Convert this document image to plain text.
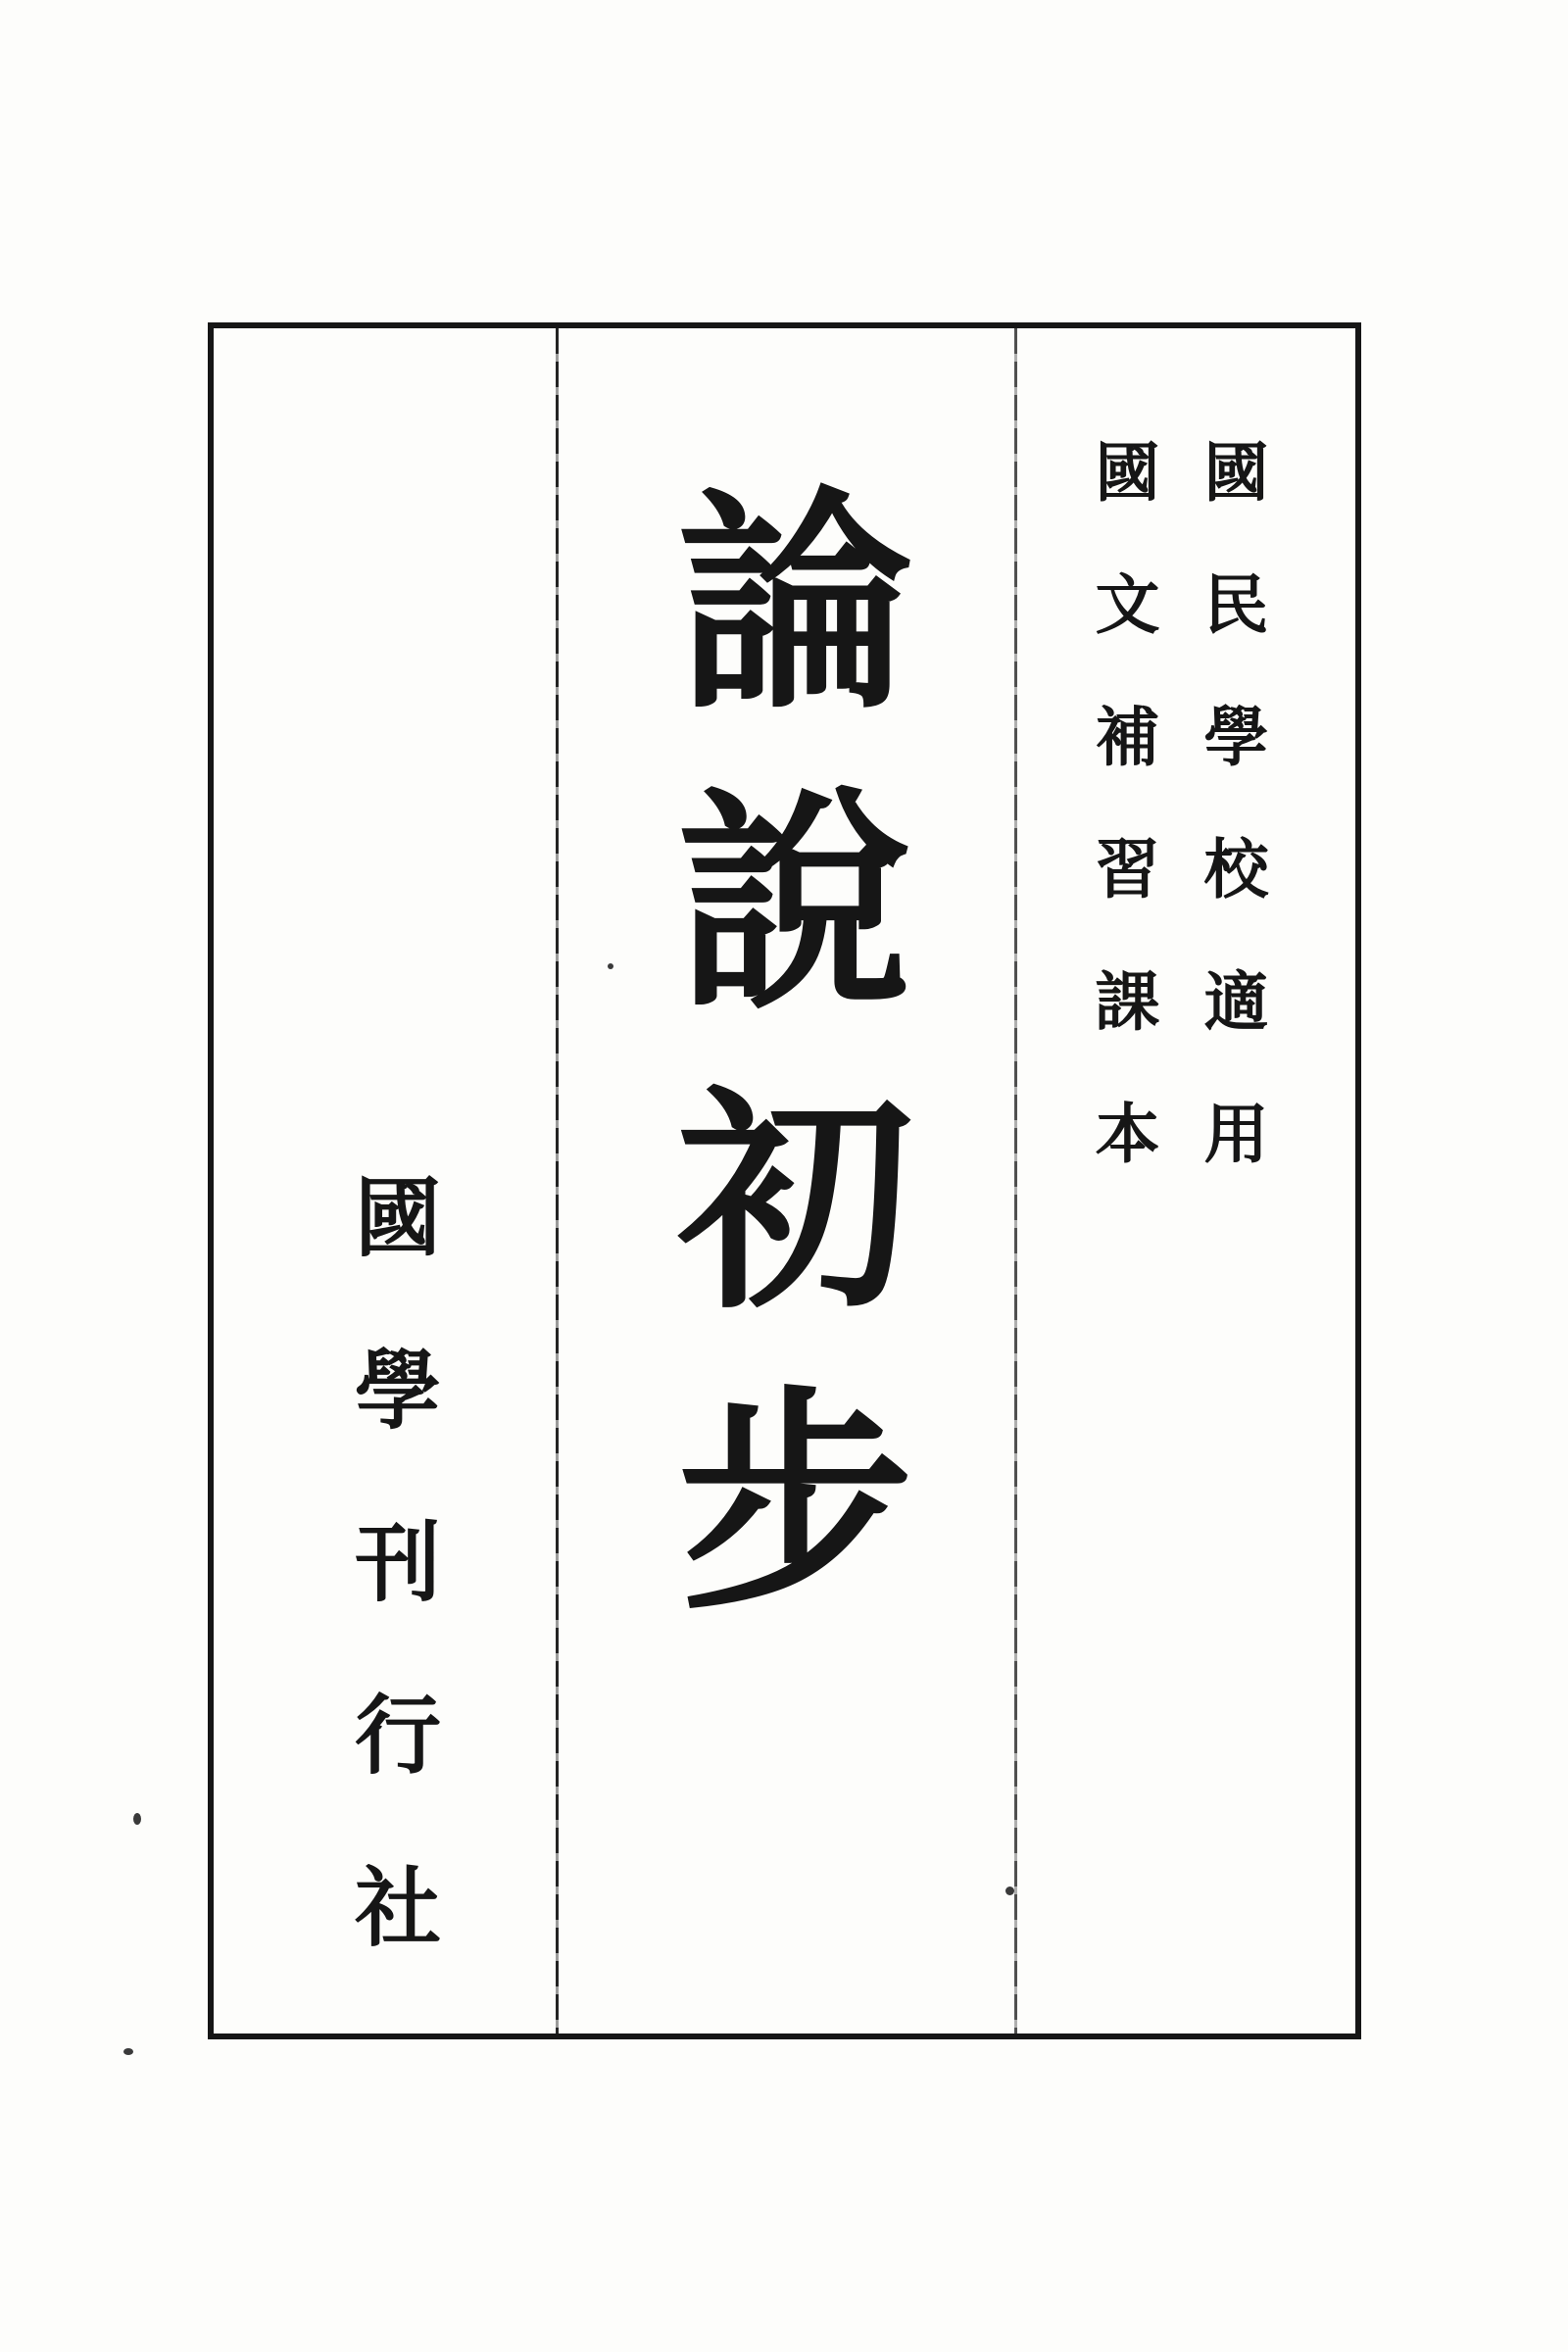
國民學校適用
國文補習課本
論說初步
國學刊行社
